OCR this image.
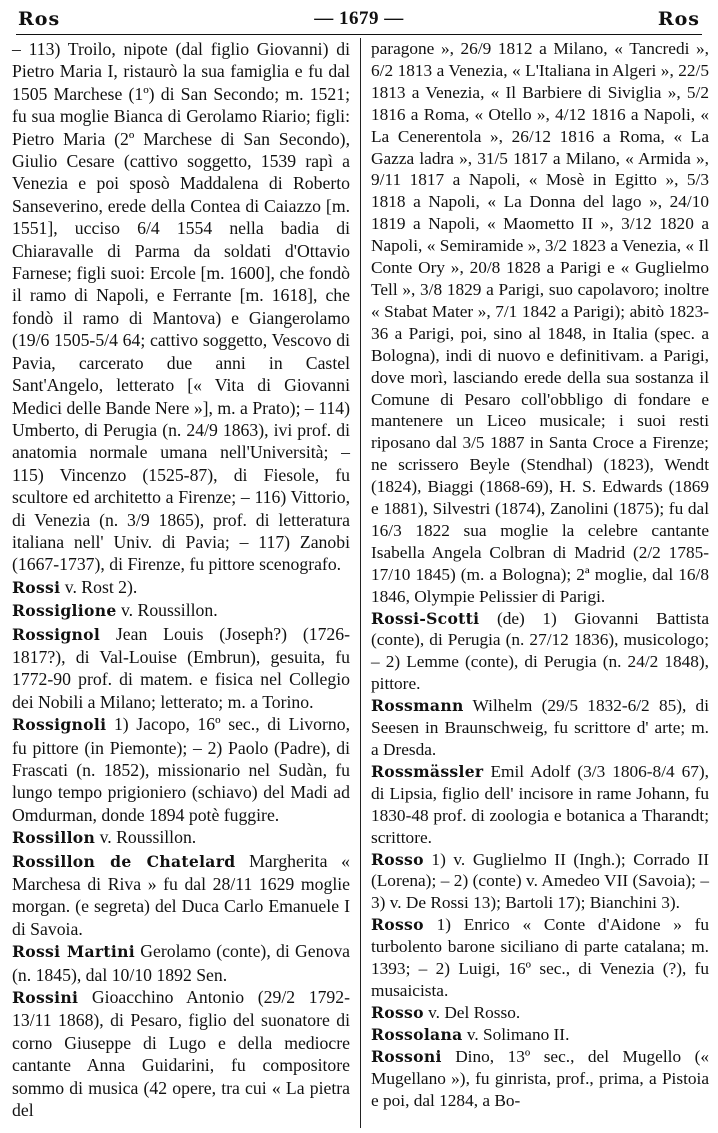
Ros	— 1679 —	Ros

– 113) Troilo, nipote (dal figlio Giovanni) di Pietro Maria I, ristaurò la sua famiglia e fu dal 1505 Marchese (1º) di San Secondo; m. 1521; fu sua moglie Bianca di Gerolamo Riario; figli: Pietro Maria (2º Marchese di San Secondo), Giulio Cesare (cattivo soggetto, 1539 rapì a Venezia e poi sposò Maddalena di Roberto Sanseverino, erede della Contea di Caiazzo [m. 1551], ucciso 6/4 1554 nella badia di Chiaravalle di Parma da soldati d'Ottavio Farnese; figli suoi: Ercole [m. 1600], che fondò il ramo di Napoli, e Ferrante [m. 1618], che fondò il ramo di Mantova) e Giangerolamo (19/6 1505-5/4 64; cattivo soggetto, Vescovo di Pavia, carcerato due anni in Castel Sant'Angelo, letterato [« Vita di Giovanni Medici delle Bande Nere »], m. a Prato); – 114) Umberto, di Perugia (n. 24/9 1863), ivi prof. di anatomia normale umana nell'Università; – 115) Vincenzo (1525-87), di Fiesole, fu scultore ed architetto a Firenze; – 116) Vittorio, di Venezia (n. 3/9 1865), prof. di letteratura italiana nell' Univ. di Pavia; – 117) Zanobi (1667-1737), di Firenze, fu pittore scenografo.

Rossi v. Rost 2).

Rossiglione v. Roussillon.

Rossignol Jean Louis (Joseph?) (1726-1817?), di Val-Louise (Embrun), gesuita, fu 1772-90 prof. di matem. e fisica nel Collegio dei Nobili a Milano; letterato; m. a Torino.

Rossignoli 1) Jacopo, 16º sec., di Livorno, fu pittore (in Piemonte); – 2) Paolo (Padre), di Frascati (n. 1852), missionario nel Sudàn, fu lungo tempo prigioniero (schiavo) del Madi ad Omdurman, donde 1894 potè fuggire.

Rossillon v. Roussillon.

Rossillon de Chatelard Margherita « Marchesa di Riva » fu dal 28/11 1629 moglie morgan. (e segreta) del Duca Carlo Emanuele I di Savoia.

Rossi Martini Gerolamo (conte), di Genova (n. 1845), dal 10/10 1892 Sen.

Rossini Gioacchino Antonio (29/2 1792-13/11 1868), di Pesaro, figlio del suonatore di corno Giuseppe di Lugo e della mediocre cantante Anna Guidarini, fu compositore sommo di musica (42 opere, tra cui « La pietra del

paragone », 26/9 1812 a Milano, « Tancredi », 6/2 1813 a Venezia, « L'Italiana in Algeri », 22/5 1813 a Venezia, « Il Barbiere di Siviglia », 5/2 1816 a Roma, « Otello », 4/12 1816 a Napoli, « La Cenerentola », 26/12 1816 a Roma, « La Gazza ladra », 31/5 1817 a Milano, « Armida », 9/11 1817 a Napoli, « Mosè in Egitto », 5/3 1818 a Napoli, « La Donna del lago », 24/10 1819 a Napoli, « Maometto II », 3/12 1820 a Napoli, « Semiramide », 3/2 1823 a Venezia, « Il Conte Ory », 20/8 1828 a Parigi e « Guglielmo Tell », 3/8 1829 a Parigi, suo capolavoro; inoltre « Stabat Mater », 7/1 1842 a Parigi); abitò 1823-36 a Parigi, poi, sino al 1848, in Italia (spec. a Bologna), indi di nuovo e definitivam. a Parigi, dove morì, lasciando erede della sua sostanza il Comune di Pesaro coll'obbligo di fondare e mantenere un Liceo musicale; i suoi resti riposano dal 3/5 1887 in Santa Croce a Firenze; ne scrissero Beyle (Stendhal) (1823), Wendt (1824), Biaggi (1868-69), H. S. Edwards (1869 e 1881), Silvestri (1874), Zanolini (1875); fu dal 16/3 1822 sua moglie la celebre cantante Isabella Angela Colbran di Madrid (2/2 1785-17/10 1845) (m. a Bologna); 2ª moglie, dal 16/8 1846, Olympie Pelissier di Parigi.

Rossi-Scotti (de) 1) Giovanni Battista (conte), di Perugia (n. 27/12 1836), musicologo; – 2) Lemme (conte), di Perugia (n. 24/2 1848), pittore.

Rossmann Wilhelm (29/5 1832-6/2 85), di Seesen in Braunschweig, fu scrittore d' arte; m. a Dresda.

Rossmässler Emil Adolf (3/3 1806-8/4 67), di Lipsia, figlio dell' incisore in rame Johann, fu 1830-48 prof. di zoologia e botanica a Tharandt; scrittore.

Rosso 1) v. Guglielmo II (Ingh.); Corrado II (Lorena); – 2) (conte) v. Amedeo VII (Savoia); – 3) v. De Rossi 13); Bartoli 17); Bianchini 3).

Rosso 1) Enrico « Conte d'Aidone » fu turbolento barone siciliano di parte catalana; m. 1393; – 2) Luigi, 16º sec., di Venezia (?), fu musaicista.

Rosso v. Del Rosso.

Rossolana v. Solimano II.

Rossoni Dino, 13º sec., del Mugello (« Mugellano »), fu ginrista, prof., prima, a Pistoia e poi, dal 1284, a Bo-
